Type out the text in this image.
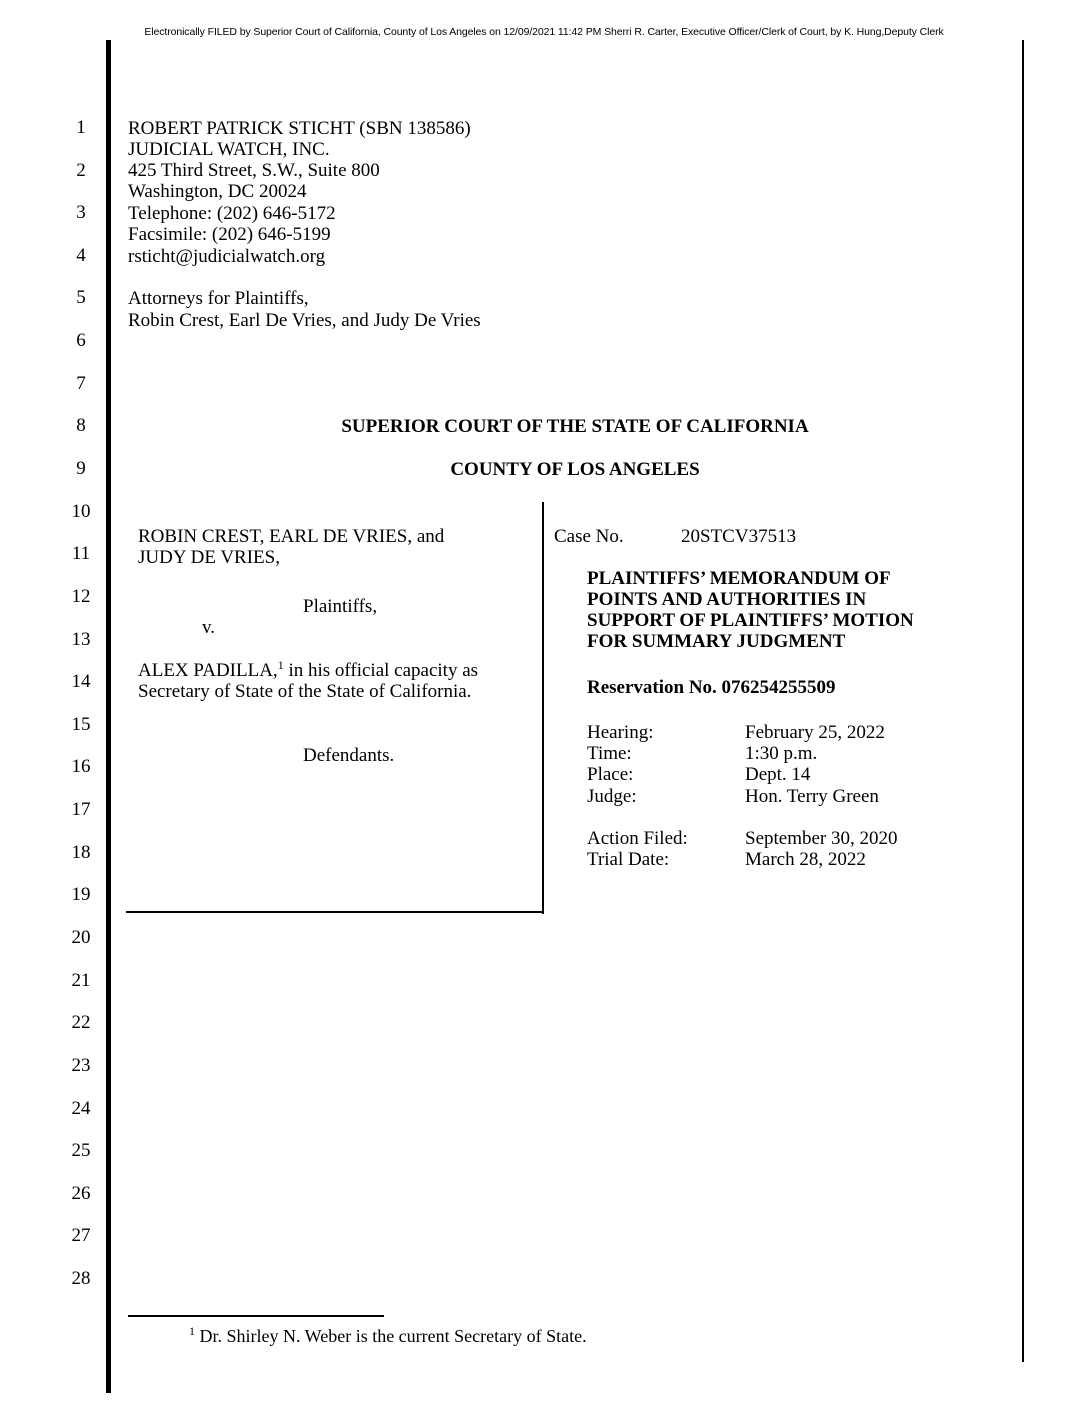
Electronically FILED by Superior Court of California, County of Los Angeles on 12/09/2021 11:42 PM Sherri R. Carter, Executive Officer/Clerk of Court, by K. Hung,Deputy Clerk
1
2
3
4
5
6
7
8
9
10
11
12
13
14
15
16
17
18
19
20
21
22
23
24
25
26
27
28
ROBERT PATRICK STICHT (SBN 138586)
JUDICIAL WATCH, INC.
425 Third Street, S.W., Suite 800
Washington, DC 20024
Telephone: (202) 646-5172
Facsimile: (202) 646-5199
rsticht@judicialwatch.org
Attorneys for Plaintiffs,
Robin Crest, Earl De Vries, and Judy De Vries
SUPERIOR COURT OF THE STATE OF CALIFORNIA
COUNTY OF LOS ANGELES
ROBIN CREST, EARL DE VRIES, and
JUDY DE VRIES,
Plaintiffs,
v.
ALEX PADILLA,$^1$ in his official capacity as
Secretary of State of the State of California.
Defendants.
Case No.	20STCV37513
PLAINTIFFS’ MEMORANDUM OF
POINTS AND AUTHORITIES IN
SUPPORT OF PLAINTIFFS’ MOTION
FOR SUMMARY JUDGMENT
Reservation No. 076254255509
Hearing:	February 25, 2022
Time:	1:30 p.m.
Place:	Dept. 14
Judge:	Hon. Terry Green
Action Filed:	September 30, 2020
Trial Date:	March 28, 2022
$^1$ Dr. Shirley N. Weber is the current Secretary of State.
